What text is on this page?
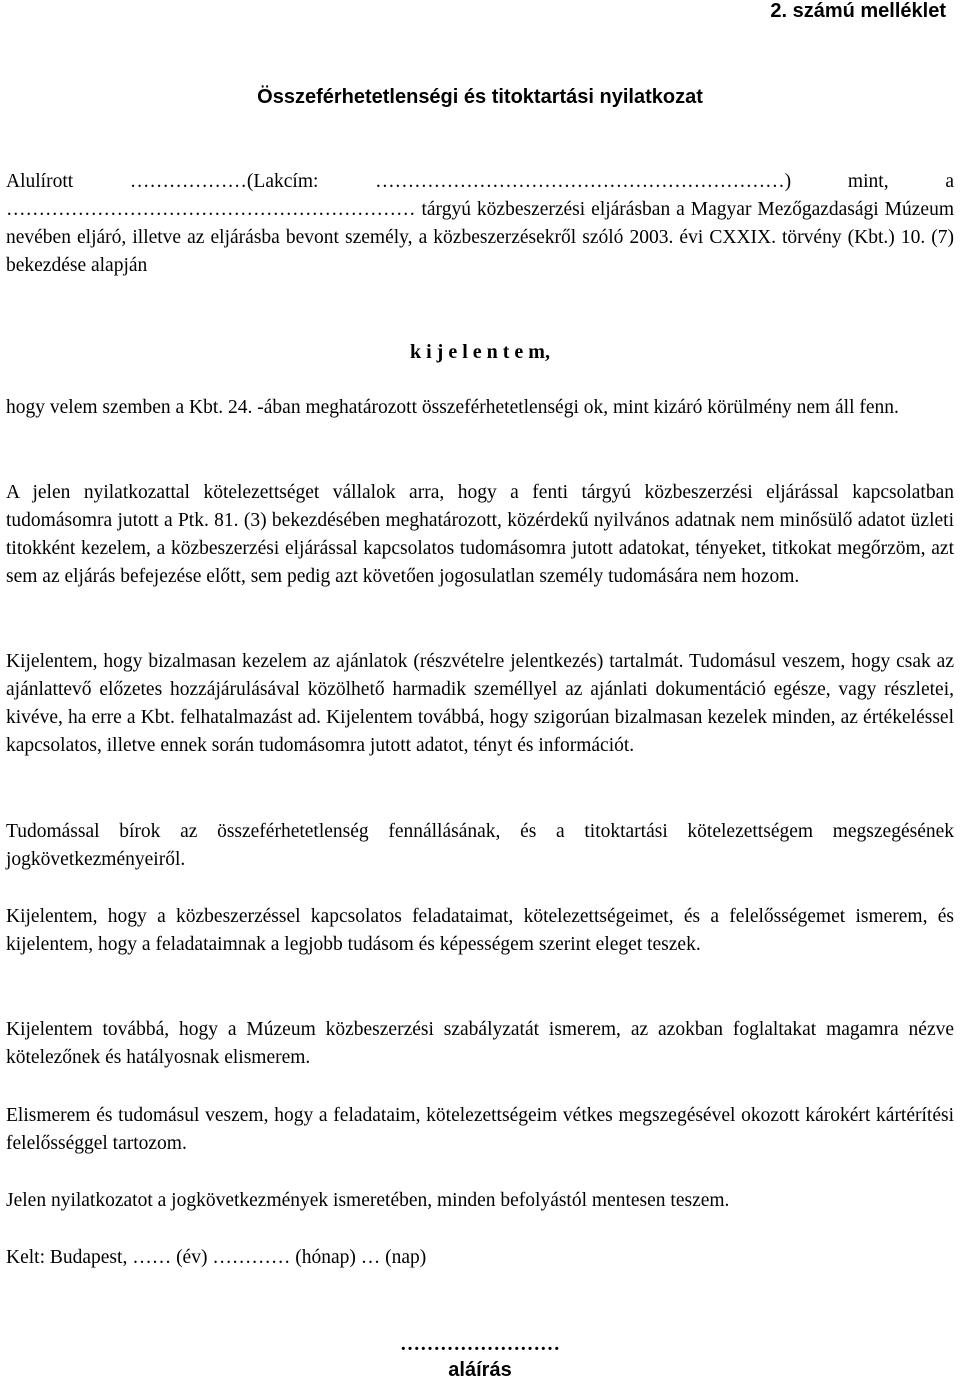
2. számú melléklet
Összeférhetetlenségi és titoktartási nyilatkozat

Alulírott ………………(Lakcím: ………………………………………………………) mint, a ……………………………………………………… tárgyú közbeszerzési eljárásban a Magyar Mezőgazdasági Múzeum nevében eljáró, illetve az eljárásba bevont személy, a közbeszerzésekről szóló 2003. évi CXXIX. törvény (Kbt.) 10. (7) bekezdése alapján

k i j e l e n t e m,

hogy velem szemben a Kbt. 24. -ában meghatározott összeférhetetlenségi ok, mint kizáró körülmény nem áll fenn.

A jelen nyilatkozattal kötelezettséget vállalok arra, hogy a fenti tárgyú közbeszerzési eljárással kapcsolatban tudomásomra jutott a Ptk. 81. (3) bekezdésében meghatározott, közérdekű nyilvános adatnak nem minősülő adatot üzleti titokként kezelem, a közbeszerzési eljárással kapcsolatos tudomásomra jutott adatokat, tényeket, titkokat megőrzöm, azt sem az eljárás befejezése előtt, sem pedig azt követően jogosulatlan személy tudomására nem hozom.

Kijelentem, hogy bizalmasan kezelem az ajánlatok (részvételre jelentkezés) tartalmát. Tudomásul veszem, hogy csak az ajánlattevő előzetes hozzájárulásával közölhető harmadik személlyel az ajánlati dokumentáció egésze, vagy részletei, kivéve, ha erre a Kbt. felhatalmazást ad. Kijelentem továbbá, hogy szigorúan bizalmasan kezelek minden, az értékeléssel kapcsolatos, illetve ennek során tudomásomra jutott adatot, tényt és információt.

Tudomással bírok az összeférhetetlenség fennállásának, és a titoktartási kötelezettségem megszegésének jogkövetkezményeiről.

Kijelentem, hogy a közbeszerzéssel kapcsolatos feladataimat, kötelezettségeimet, és a felelősségemet ismerem, és kijelentem, hogy a feladataimnak a legjobb tudásom és képességem szerint eleget teszek.

Kijelentem továbbá, hogy a Múzeum közbeszerzési szabályzatát ismerem, az azokban foglaltakat magamra nézve kötelezőnek és hatályosnak elismerem.

Elismerem és tudomásul veszem, hogy a feladataim, kötelezettségeim vétkes megszegésével okozott károkért kártérítési felelősséggel tartozom.

Jelen nyilatkozatot a jogkövetkezmények ismeretében, minden befolyástól mentesen teszem.

Kelt: Budapest, …… (év) ………… (hónap) … (nap)

……………………
aláírás
